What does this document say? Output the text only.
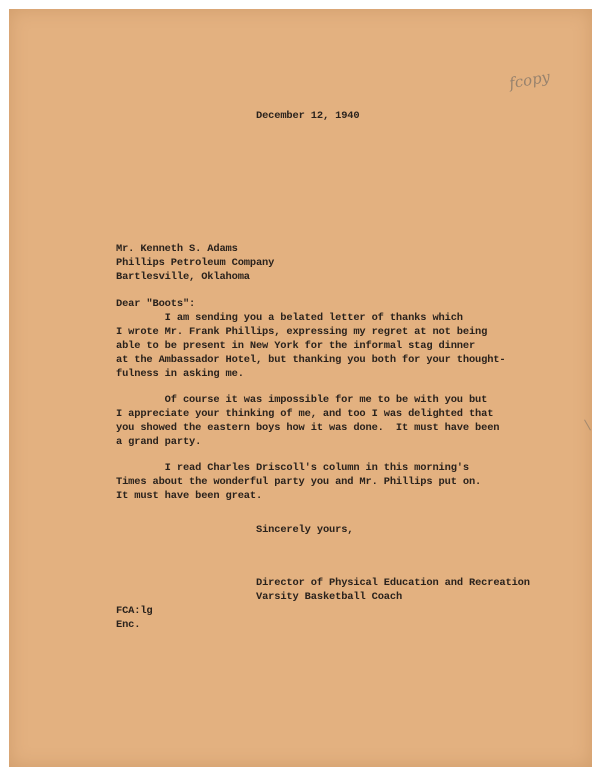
fcopy
December 12, 1940
Mr. Kenneth S. Adams
Phillips Petroleum Company
Bartlesville, Oklahoma
Dear "Boots":
I am sending you a belated letter of thanks which
I wrote Mr. Frank Phillips, expressing my regret at not being
able to be present in New York for the informal stag dinner
at the Ambassador Hotel, but thanking you both for your thought-
fulness in asking me.
Of course it was impossible for me to be with you but
I appreciate your thinking of me, and too I was delighted that
you showed the eastern boys how it was done.  It must have been
a grand party.
I read Charles Driscoll's column in this morning's
Times about the wonderful party you and Mr. Phillips put on.
It must have been great.
Sincerely yours,
Director of Physical Education and Recreation
Varsity Basketball Coach
FCA:lg
Enc.
